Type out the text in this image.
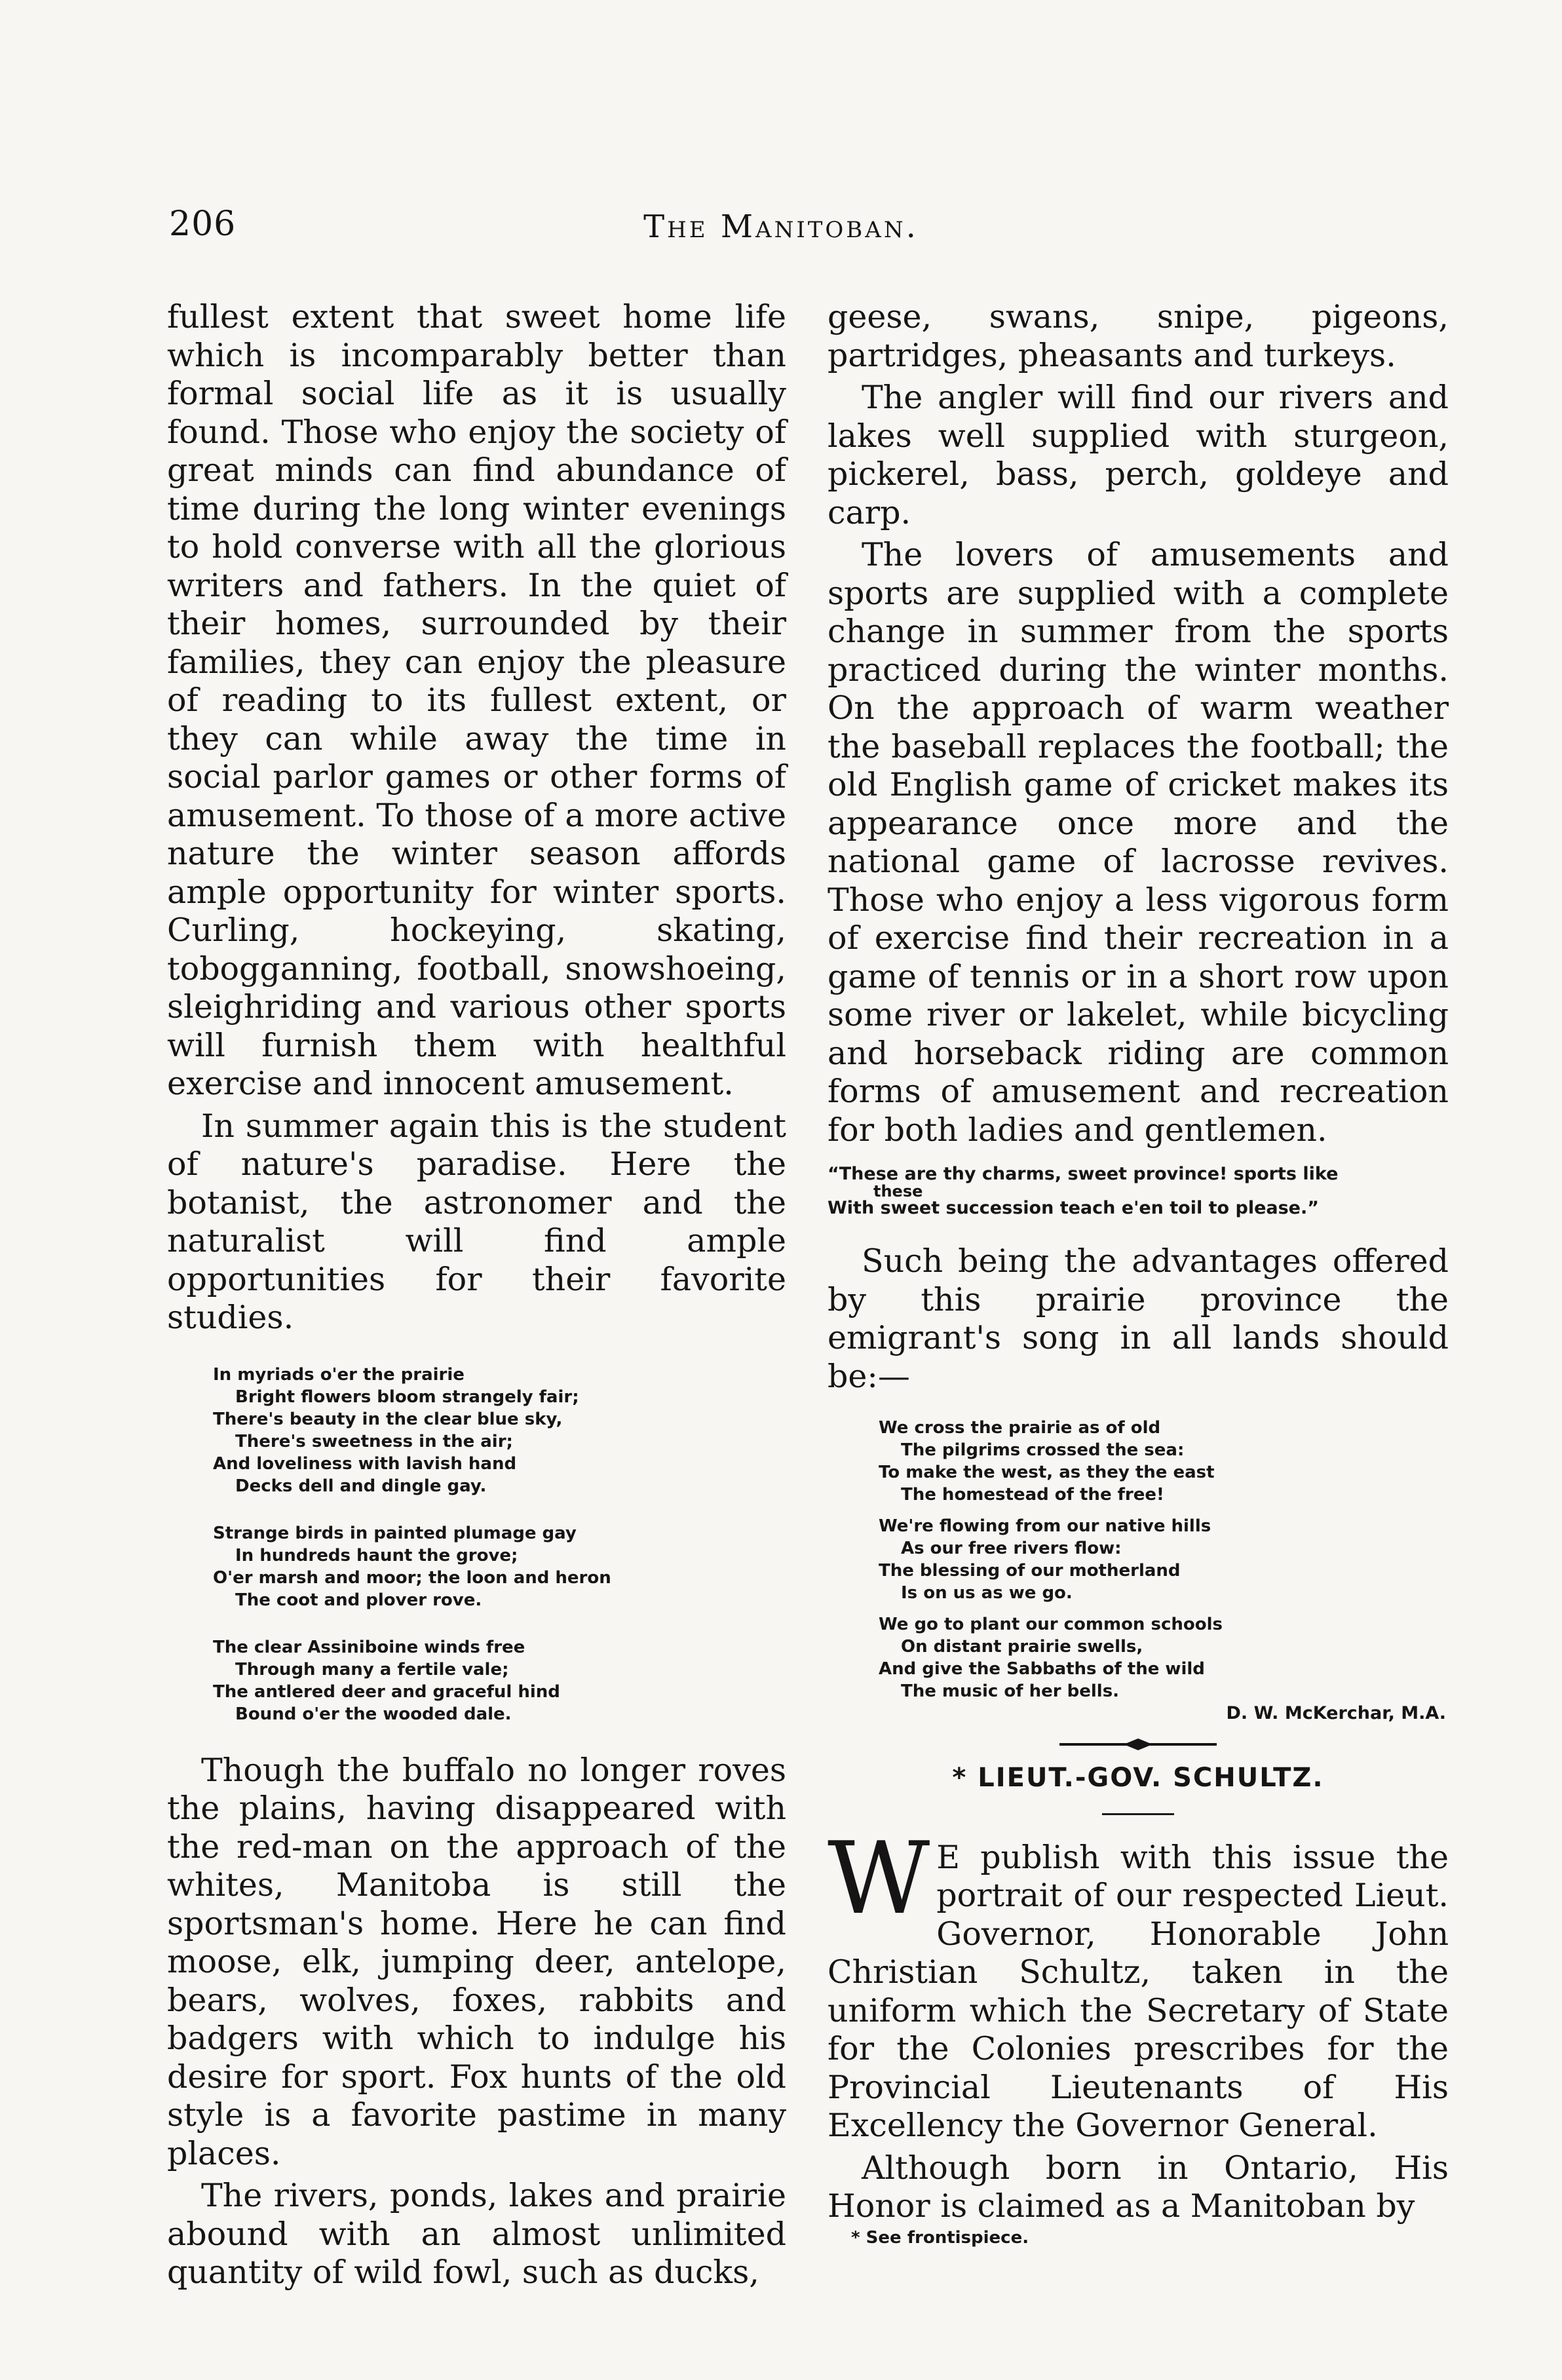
206	The Manitoban.

fullest extent that sweet home life which is incomparably better than formal social life as it is usually found. Those who enjoy the society of great minds can find abundance of time during the long winter evenings to hold converse with all the glorious writers and fathers. In the quiet of their homes, surrounded by their families, they can enjoy the pleasure of reading to its fullest extent, or they can while away the time in social parlor games or other forms of amusement. To those of a more active nature the winter season affords ample opportunity for winter sports. Curling, hockeying, skating, tobogganning, football, snowshoeing, sleighriding and various other sports will furnish them with healthful exercise and innocent amusement.

In summer again this is the student of nature's paradise. Here the botanist, the astronomer and the naturalist will find ample opportunities for their favorite studies.

In myriads o'er the prairie
Bright flowers bloom strangely fair;
There's beauty in the clear blue sky,
There's sweetness in the air;
And loveliness with lavish hand
Decks dell and dingle gay.
Strange birds in painted plumage gay
In hundreds haunt the grove;
O'er marsh and moor; the loon and heron
The coot and plover rove.
The clear Assiniboine winds free
Through many a fertile vale;
The antlered deer and graceful hind
Bound o'er the wooded dale.

Though the buffalo no longer roves the plains, having disappeared with the red-man on the approach of the whites, Manitoba is still the sportsman's home. Here he can find moose, elk, jumping deer, antelope, bears, wolves, foxes, rabbits and badgers with which to indulge his desire for sport. Fox hunts of the old style is a favorite pastime in many places.

The rivers, ponds, lakes and prairie abound with an almost unlimited quantity of wild fowl, such as ducks,

geese, swans, snipe, pigeons, partridges, pheasants and turkeys.

The angler will find our rivers and lakes well supplied with sturgeon, pickerel, bass, perch, goldeye and carp.

The lovers of amusements and sports are supplied with a complete change in summer from the sports practiced during the winter months. On the approach of warm weather the baseball replaces the football; the old English game of cricket makes its appearance once more and the national game of lacrosse revives. Those who enjoy a less vigorous form of exercise find their recreation in a game of tennis or in a short row upon some river or lakelet, while bicycling and horseback riding are common forms of amusement and recreation for both ladies and gentlemen.

“These are thy charms, sweet province! sports like
these
With sweet succession teach e'en toil to please.”

Such being the advantages offered by this prairie province the emigrant's song in all lands should be:—

We cross the prairie as of old
The pilgrims crossed the sea:
To make the west, as they the east
The homestead of the free!
We're flowing from our native hills
As our free rivers flow:
The blessing of our motherland
Is on us as we go.
We go to plant our common schools
On distant prairie swells,
And give the Sabbaths of the wild
The music of her bells.
D. W. McKerchar, M.A.
* LIEUT.-GOV. SCHULTZ.

W E publish with this issue the portrait of our respected Lieut. Governor, Honorable John Christian Schultz, taken in the uniform which the Secretary of State for the Colonies prescribes for the Provincial Lieutenants of His Excellency the Governor General.

Although born in Ontario, His Honor is claimed as a Manitoban by

* See frontispiece.
